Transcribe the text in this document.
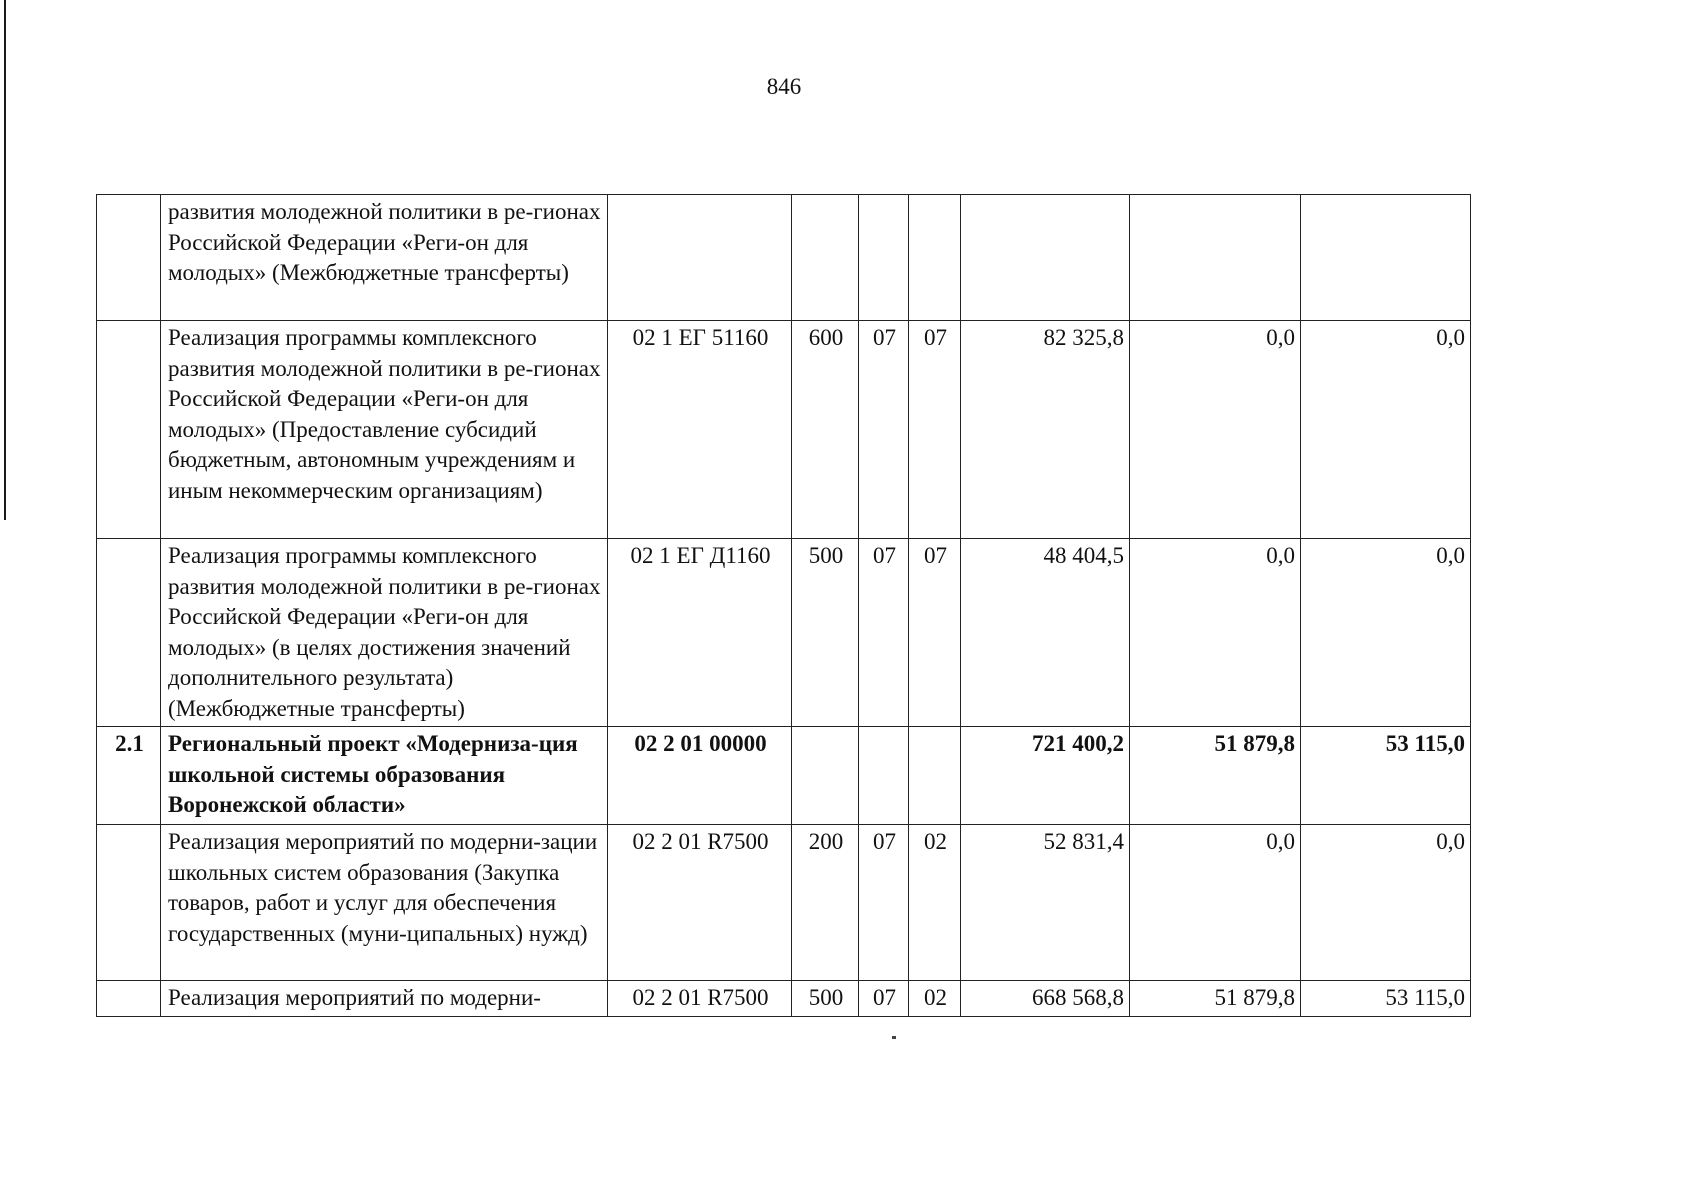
846
	развития молодежной политики в ре-гионах Российской Федерации «Реги-он для молодых» (Межбюджетные трансферты)							
	Реализация программы комплексного развития молодежной политики в ре-гионах Российской Федерации «Реги-он для молодых» (Предоставление субсидий бюджетным, автономным учреждениям и иным некоммерческим организациям)	02 1 ЕГ 51160	600	07	07	82 325,8	0,0	0,0
	Реализация программы комплексного развития молодежной политики в ре-гионах Российской Федерации «Реги-он для молодых» (в целях достижения значений дополнительного результата) (Межбюджетные трансферты)	02 1 ЕГ Д1160	500	07	07	48 404,5	0,0	0,0
2.1	Региональный проект «Модерниза-ция школьной системы образования Воронежской области»	02 2 01 00000				721 400,2	51 879,8	53 115,0
	Реализация мероприятий по модерни-зации школьных систем образования (Закупка товаров, работ и услуг для обеспечения государственных (муни-ципальных) нужд)	02 2 01 R7500	200	07	02	52 831,4	0,0	0,0
	Реализация мероприятий по модерни-	02 2 01 R7500	500	07	02	668 568,8	51 879,8	53 115,0
